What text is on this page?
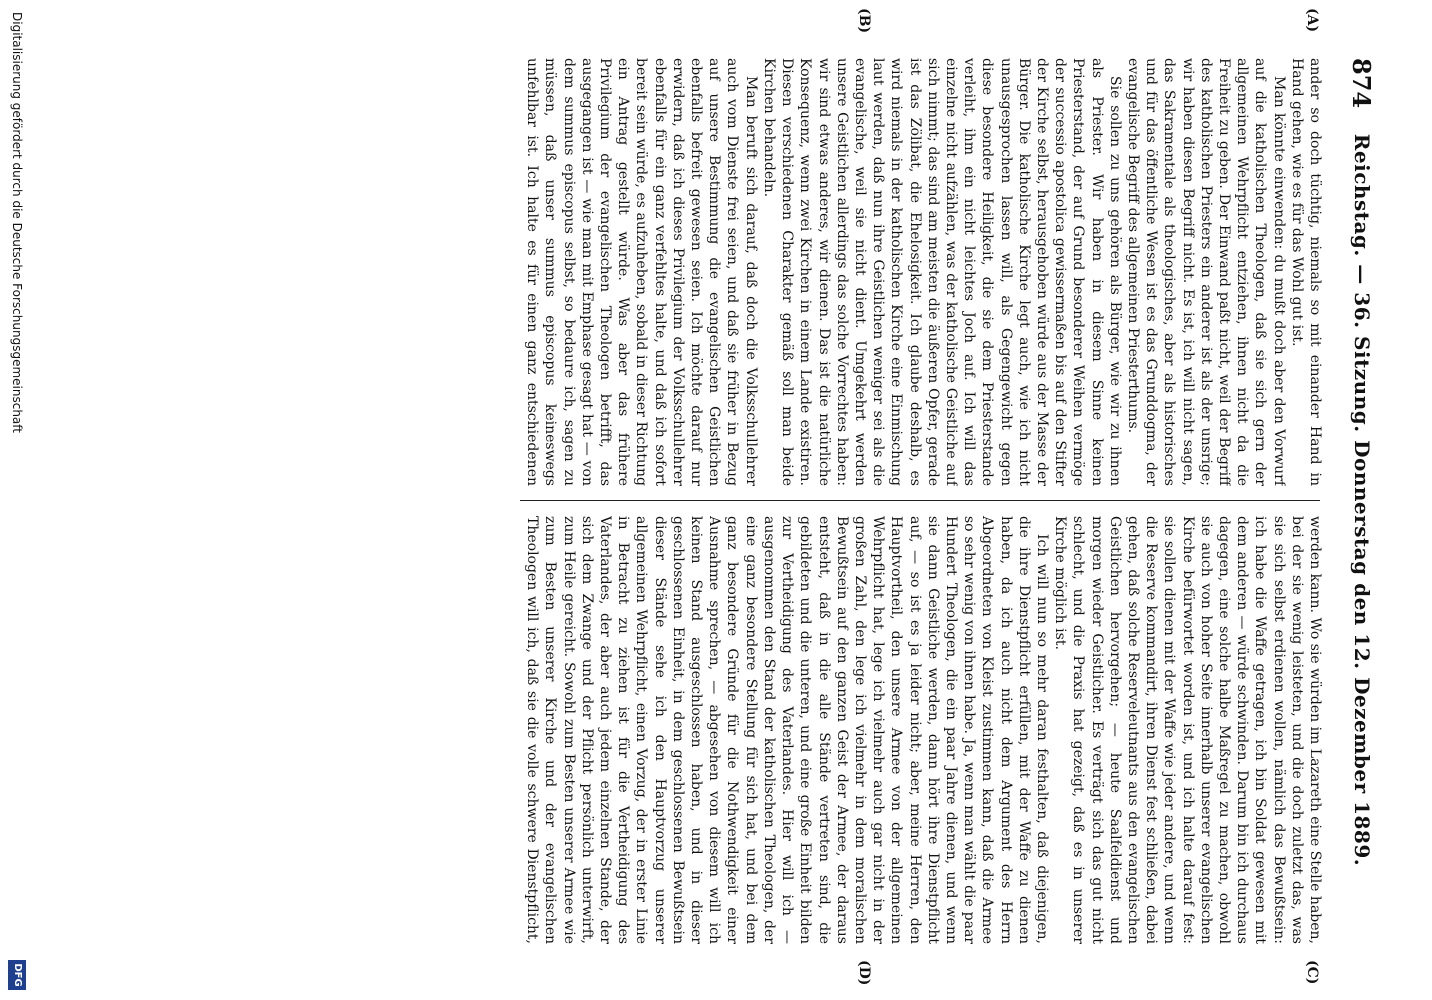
874
Reichstag. — 36. Sitzung. Donnerstag den 12. Dezember 1889.
(A)
(B)
(C)
(D)

ander so doch tüchtig, niemals so mit einander Hand in Hand gehen, wie es für das Wohl gut ist.

Man könnte einwenden: du mußt doch aber den Vorwurf auf die katholischen Theologen, daß sie sich gern der allgemeinen Wehrpflicht entziehen, ihnen nicht da die Freiheit zu geben. Der Einwand paßt nicht, weil der Begriff des katholischen Priesters ein anderer ist als der unsrige; wir haben diesen Begriff nicht. Es ist, ich will nicht sagen, das Sakramentale als theologisches, aber als historisches und für das öffentliche Wesen ist es das Grunddogma, der evangelische Begriff des allgemeinen Priesterthums.

Sie sollen zu uns gehören als Bürger, wie wir zu ihnen als Priester. Wir haben in diesem Sinne keinen Priesterstand, der auf Grund besonderer Weihen vermöge der successio apostolica gewissermaßen bis auf den Stifter der Kirche selbst, herausgehoben würde aus der Masse der Bürger. Die katholische Kirche legt auch, wie ich nicht unausgesprochen lassen will, als Gegengewicht gegen diese besondere Heiligkeit, die sie dem Priesterstande verleiht, ihm ein nicht leichtes Joch auf. Ich will das einzelne nicht aufzählen, was der katholische Geistliche auf sich nimmt; das sind am meisten die äußeren Opfer, gerade ist das Zölibat, die Ehelosigkeit. Ich glaube deshalb, es wird niemals in der katholischen Kirche eine Einmischung laut werden, daß nun ihre Geistlichen weniger sei als die evangelische, weil sie nicht dient. Umgekehrt werden unsere Geistlichen allerdings das solche Vorrechtes haben: wir sind etwas anderes, wir dienen. Das ist die natürliche Konsequenz, wenn zwei Kirchen in einem Lande existiren. Diesen verschiedenen Charakter gemäß soll man beide Kirchen behandeln.

Man beruft sich darauf, daß doch die Volksschullehrer auch vom Dienste frei seien, und daß sie früher in Bezug auf unsere Bestimmung die evangelischen Geistlichen ebenfalls befreit gewesen seien. Ich möchte darauf nur erwidern, daß ich dieses Privilegium der Volksschullehrer ebenfalls für ein ganz verfehltes halte, und daß ich sofort bereit sein würde, es aufzuheben, sobald in dieser Richtung ein Antrag gestellt würde. Was aber das frühere Privilegium der evangelischen Theologen betrifft, das ausgegangen ist — wie man mit Emphase gesagt hat — von dem summus episcopus selbst, so bedaure ich, sagen zu müssen, daß unser summus episcopus keineswegs unfehlbar ist. Ich halte es für einen ganz entschiedenen

werden kann. Wo sie würden im Lazareth eine Stelle haben, bei der sie wenig leisteten, und die doch zuletzt das, was sie sich selbst erdienen wollen, nämlich das Bewußtsein: ich habe die Waffe getragen, ich bin Soldat gewesen mit dem anderen — würde schwinden. Darum bin ich durchaus dagegen, eine solche halbe Maßregel zu machen, obwohl sie auch von hoher Seite innerhalb unserer evangelischen Kirche befürwortet worden ist, und ich halte darauf fest: sie sollen dienen mit der Waffe wie jeder andere, und wenn die Reserve kommandirt, ihren Dienst fest schließen, dabei gehen, daß solche Reserveleutnants aus den evangelischen Geistlichen hervorgehen; — heute Saalfeldienst und morgen wieder Geistlicher. Es verträgt sich das gut nicht schlecht, und die Praxis hat gezeigt, daß es in unserer Kirche möglich ist.

Ich will nun so mehr daran festhalten, daß diejenigen, die ihre Dienstpflicht erfüllen, mit der Waffe zu dienen haben, da ich auch nicht dem Argument des Herrn Abgeordneten von Kleist zustimmen kann, daß die Armee so sehr wenig von ihnen habe. Ja, wenn man wählt die paar Hundert Theologen, die ein paar Jahre dienen, und wenn sie dann Geistliche werden, dann hört ihre Dienstpflicht auf, — so ist es ja leider nicht; aber, meine Herren, den Hauptvortheil, den unsere Armee von der allgemeinen Wehrpflicht hat, lege ich vielmehr auch gar nicht in der großen Zahl, den lege ich vielmehr in dem moralischen Bewußtsein auf den ganzen Geist der Armee, der daraus entsteht, daß in die alle Stände vertreten sind, die gebildeten und die unteren, und eine große Einheit bilden zur Vertheidigung des Vaterlandes. Hier will ich — ausgenommen den Stand der katholischen Theologen, der eine ganz besondere Stellung für sich hat, und bei dem ganz besondere Gründe für die Nothwendigkeit einer Ausnahme sprechen, — abgesehen von diesem will ich keinen Stand ausgeschlossen haben, und in dieser geschlossenen Einheit, in dem geschlossenen Bewußtsein dieser Stände sehe ich den Hauptvorzug unserer allgemeinen Wehrpflicht, einen Vorzug, der in erster Linie in Betracht zu ziehen ist für die Vertheidigung des Vaterlandes, der aber auch jedem einzelnen Stande, der sich dem Zwange und der Pflicht persönlich unterwirft, zum Heile gereicht. Sowohl zum Besten unserer Armee wie zum Besten unserer Kirche und der evangelischen Theologen will ich, daß sie die volle schwere Dienstpflicht,

Digitalisierung gefördert durch die Deutsche Forschungsgemeinschaft
DFG
